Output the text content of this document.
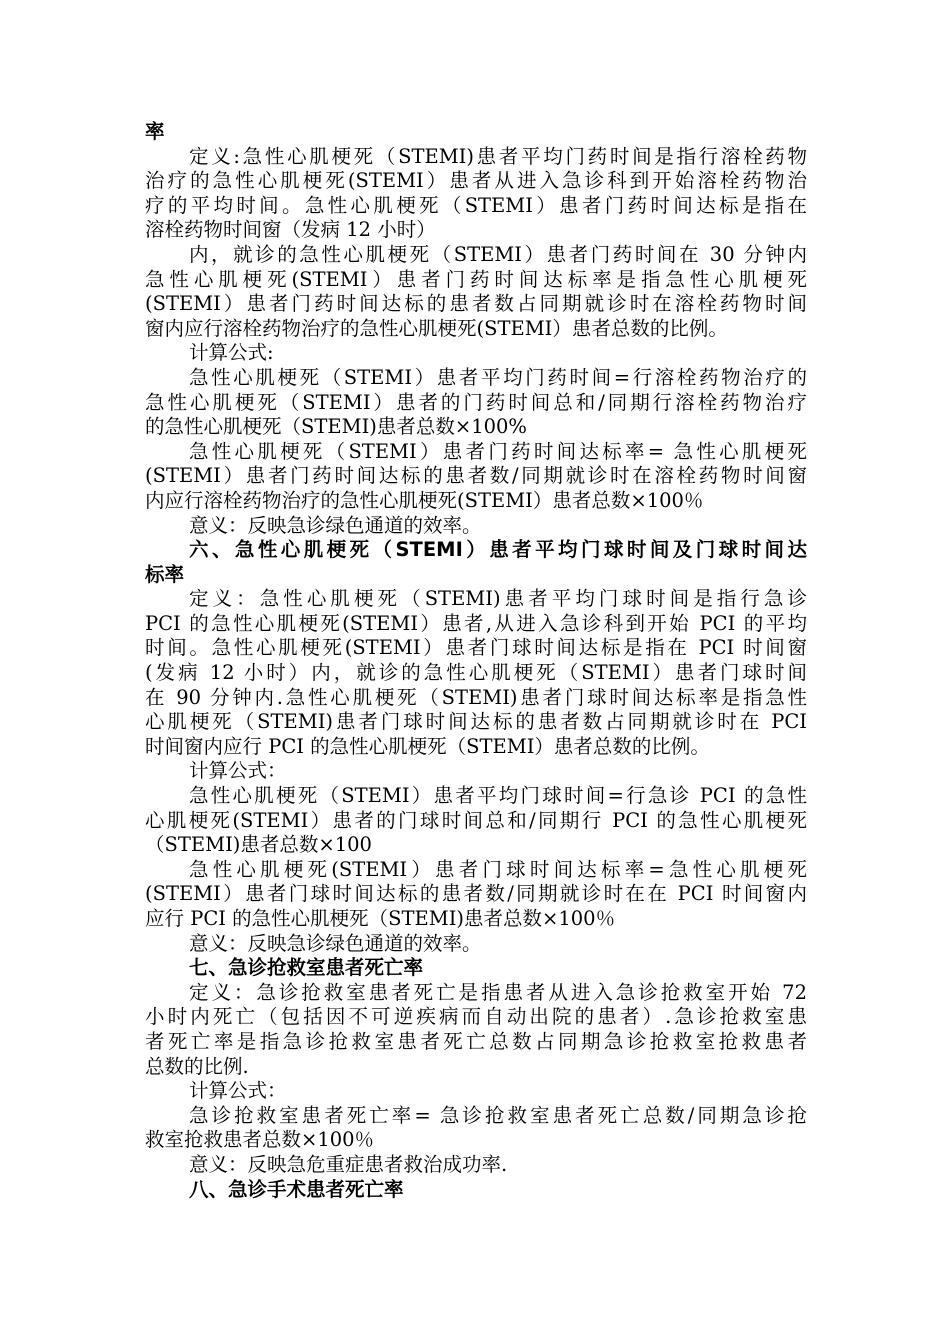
率
定义:急性心肌梗死（STEMI)患者平均门药时间是指行溶栓药物
治疗的急性心肌梗死(STEMI）患者从进入急诊科到开始溶栓药物治
疗的平均时间。急性心肌梗死（STEMI）患者门药时间达标是指在
溶栓药物时间窗（发病 12 小时）
内，就诊的急性心肌梗死（STEMI）患者门药时间在 30 分钟内
急性心肌梗死(STEMI）患者门药时间达标率是指急性心肌梗死
(STEMI）患者门药时间达标的患者数占同期就诊时在溶栓药物时间
窗内应行溶栓药物治疗的急性心肌梗死(STEMI）患者总数的比例。
计算公式:
急性心肌梗死（STEMI）患者平均门药时间=行溶栓药物治疗的
急性心肌梗死（STEMI）患者的门药时间总和/同期行溶栓药物治疗
的急性心肌梗死（STEMI)患者总数×100%
急性心肌梗死（STEMI）患者门药时间达标率= 急性心肌梗死
(STEMI）患者门药时间达标的患者数/同期就诊时在溶栓药物时间窗
内应行溶栓药物治疗的急性心肌梗死(STEMI）患者总数×100％
意义：反映急诊绿色通道的效率。
六、急性心肌梗死（STEMI）患者平均门球时间及门球时间达
标率
定义：急性心肌梗死（STEMI)患者平均门球时间是指行急诊
PCI 的急性心肌梗死(STEMI）患者,从进入急诊科到开始 PCI 的平均
时间。急性心肌梗死(STEMI）患者门球时间达标是指在 PCI 时间窗
(发病 12 小时）内，就诊的急性心肌梗死（STEMI）患者门球时间
在 90 分钟内.急性心肌梗死（STEMI)患者门球时间达标率是指急性
心肌梗死（STEMI)患者门球时间达标的患者数占同期就诊时在 PCI
时间窗内应行 PCI 的急性心肌梗死（STEMI）患者总数的比例。
计算公式：
急性心肌梗死（STEMI）患者平均门球时间=行急诊 PCI 的急性
心肌梗死(STEMI）患者的门球时间总和/同期行 PCI 的急性心肌梗死
（STEMI)患者总数×100
急性心肌梗死(STEMI）患者门球时间达标率=急性心肌梗死
(STEMI）患者门球时间达标的患者数/同期就诊时在在 PCI 时间窗内
应行 PCI 的急性心肌梗死（STEMI)患者总数×100％
意义：反映急诊绿色通道的效率。
七、急诊抢救室患者死亡率
定义：急诊抢救室患者死亡是指患者从进入急诊抢救室开始 72
小时内死亡（包括因不可逆疾病而自动出院的患者）.急诊抢救室患
者死亡率是指急诊抢救室患者死亡总数占同期急诊抢救室抢救患者
总数的比例.
计算公式：
急诊抢救室患者死亡率= 急诊抢救室患者死亡总数/同期急诊抢
救室抢救患者总数×100％
意义：反映急危重症患者救治成功率.
八、急诊手术患者死亡率
